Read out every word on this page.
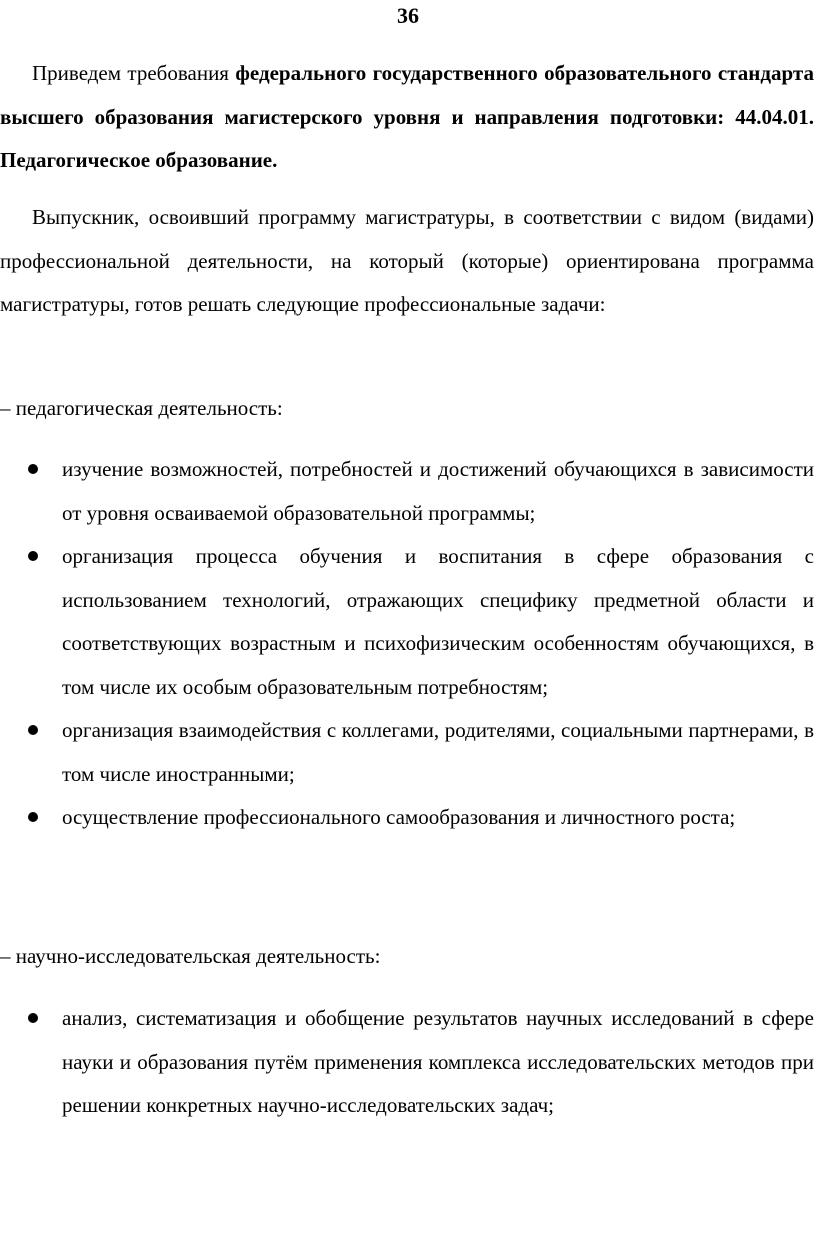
36

Приведем требования федерального государственного образовательного стандарта высшего образования магистерского уровня и направления подготовки: 44.04.01. Педагогическое образование.

Выпускник, освоивший программу магистратуры, в соответствии с видом (видами) профессиональной деятельности, на который (которые) ориентирована программа магистратуры, готов решать следующие профессиональные задачи:

– педагогическая деятельность:

изучение возможностей, потребностей и достижений обучающихся в зависимости от уровня осваиваемой образовательной программы;
организация процесса обучения и воспитания в сфере образования с использованием технологий, отражающих специфику предметной области и соответствующих возрастным и психофизическим особенностям обучающихся, в том числе их особым образовательным потребностям;
организация взаимодействия с коллегами, родителями, социальными партнерами, в том числе иностранными;
осуществление профессионального самообразования и личностного роста;

– научно-исследовательская деятельность:

анализ, систематизация и обобщение результатов научных исследований в сфере науки и образования путём применения комплекса исследовательских методов при решении конкретных научно-исследовательских задач;
